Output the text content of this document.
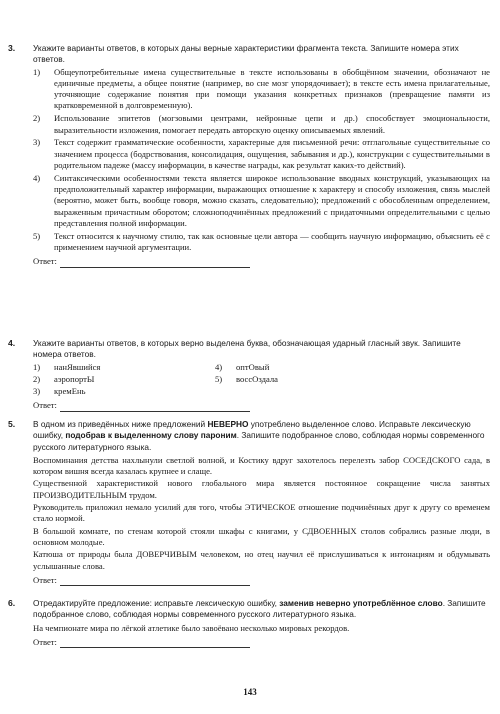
3.	Укажите варианты ответов, в которых даны верные характеристики фрагмента текста. Запишите номера этих ответов.
1) Общеупотребительные имена существительные в тексте использованы в обобщённом значении, обозначают не единичные предметы, а общее понятие (например, во сне мозг упорядочивает); в тексте есть имена прилагательные, уточняющие содержание понятия при помощи указания конкретных признаков (превращение памяти из кратковременной в долговременную).
2) Использование эпитетов (могзовыми центрами, нейронные цепи и др.) способствует эмоциональности, выразительности изложения, помогает передать авторскую оценку описываемых явлений.
3) Текст содержит грамматические особенности, характерные для письменной речи: отглагольные существительные со значением процесса (бодрствования, консолидация, ощущения, забывания и др.), конструкции с существительными в родительном падеже (массу информации, в качестве награды, как результат каких-то действий).
4) Синтаксическими особенностями текста является широкое использование вводных конструкций, указывающих на предположительный характер информации, выражающих отношение к характеру и способу изложения, связь мыслей (вероятно, может быть, вообще говоря, можно сказать, следовательно); предложений с обособленным определением, выраженным причастным оборотом; сложноподчинённых предложений с придаточными определительными с целью представления полной информации.
5) Текст относится к научному стилю, так как основные цели автора — сообщить научную информацию, объяснить её с применением научной аргументации.
Ответ:
4.	Укажите варианты ответов, в которых верно выделена буква, обозначающая ударный гласный звук. Запишите номера ответов.
1) нанЯвшийся	4) оптОвый
2) аэропортЫ	5) воссОздала
3) кремЕнь
Ответ:
5.	В одном из приведённых ниже предложений НЕВЕРНО употреблено выделенное слово. Исправьте лексическую ошибку, подобрав к выделенному слову пароним. Запишите подобранное слово, соблюдая нормы современного русского литературного языка.
Воспоминания детства нахлынули светлой волной, и Костику вдруг захотелось перелезть забор СОСЕДСКОГО сада, в котором вишня всегда казалась крупнее и слаще.
Существенной характеристикой нового глобального мира является постоянное сокращение числа занятых ПРОИЗВОДИТЕЛЬНЫМ трудом.
Руководитель приложил немало усилий для того, чтобы ЭТИЧЕСКОЕ отношение подчинённых друг к другу со временем стало нормой.
В большой комнате, по стенам которой стояли шкафы с книгами, у СДВОЕННЫХ столов собрались разные люди, в основном молодые.
Катюша от природы была ДОВЕРЧИВЫМ человеком, но отец научил её прислушиваться к интонациям и обдумывать услышанные слова.
Ответ:
6.	Отредактируйте предложение: исправьте лексическую ошибку, заменив неверно употреблённое слово. Запишите подобранное слово, соблюдая нормы современного русского литературного языка.
На чемпионате мира по лёгкой атлетике было завоёвано несколько мировых рекордов.
Ответ:
143
